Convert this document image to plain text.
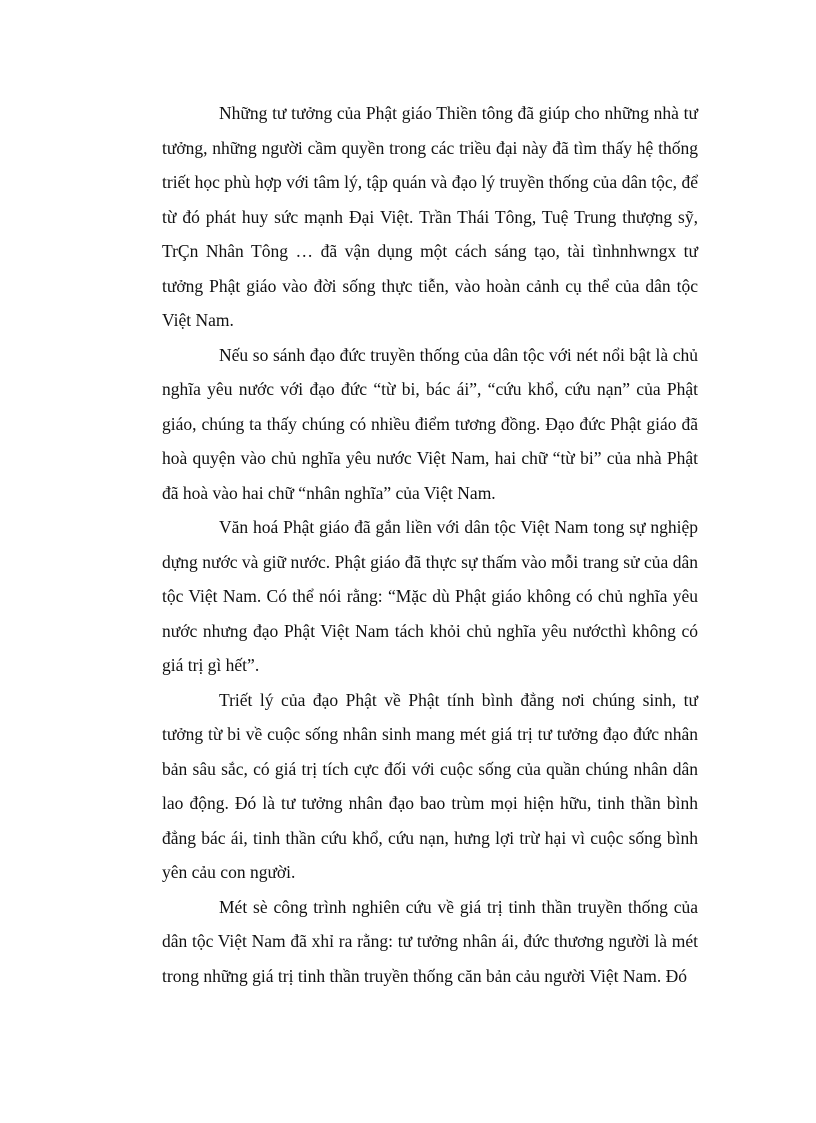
Những tư tưởng của Phật giáo Thiền tông đã giúp cho những nhà tư tưởng, những người cầm quyền trong các triều đại này đã tìm thấy hệ thống triết học phù hợp với tâm lý, tập quán và đạo lý truyền thống của dân tộc, để từ đó phát huy sức mạnh Đại Việt. Trần Thái Tông, Tuệ Trung thượng sỹ, TrÇn Nhân Tông … đã vận dụng một cách sáng tạo, tài tìnhnhwngx tư tưởng Phật giáo vào đời sống thực tiễn, vào hoàn cảnh cụ thể của dân tộc Việt Nam.

Nếu so sánh đạo đức truyền thống của dân tộc với nét nổi bật là chủ nghĩa yêu nước với đạo đức “từ bi, bác ái”, “cứu khổ, cứu nạn” của Phật giáo, chúng ta thấy chúng có nhiều điểm tương đồng. Đạo đức Phật giáo đã hoà quyện vào chủ nghĩa yêu nước Việt Nam, hai chữ “từ bi” của nhà Phật đã hoà vào hai chữ “nhân nghĩa” của Việt Nam.

Văn hoá Phật giáo đã gắn liền với dân tộc Việt Nam tong sự nghiệp dựng nước và giữ nước. Phật giáo đã thực sự thấm vào mỗi trang sử của dân tộc Việt Nam. Có thể nói rằng: “Mặc dù Phật giáo không có chủ nghĩa yêu nước nhưng đạo Phật Việt Nam tách khỏi chủ nghĩa yêu nướcthì không có giá trị gì hết”.

Triết lý của đạo Phật về Phật tính bình đẳng nơi chúng sinh, tư tưởng từ bi về cuộc sống nhân sinh mang mét giá trị tư tưởng đạo đức nhân bản sâu sắc, có giá trị tích cực đối với cuộc sống của quần chúng nhân dân lao động. Đó là tư tưởng nhân đạo bao trùm mọi hiện hữu, tinh thần bình đẳng bác ái, tinh thần cứu khổ, cứu nạn, hưng lợi trừ hại vì cuộc sống bình yên cảu con người.

Mét sè công trình nghiên cứu về giá trị tinh thần truyền thống của dân tộc Việt Nam đã xhỉ ra rằng: tư tưởng nhân ái, đức thương người là mét trong những giá trị tinh thần truyền thống căn bản cảu người Việt Nam. Đó
